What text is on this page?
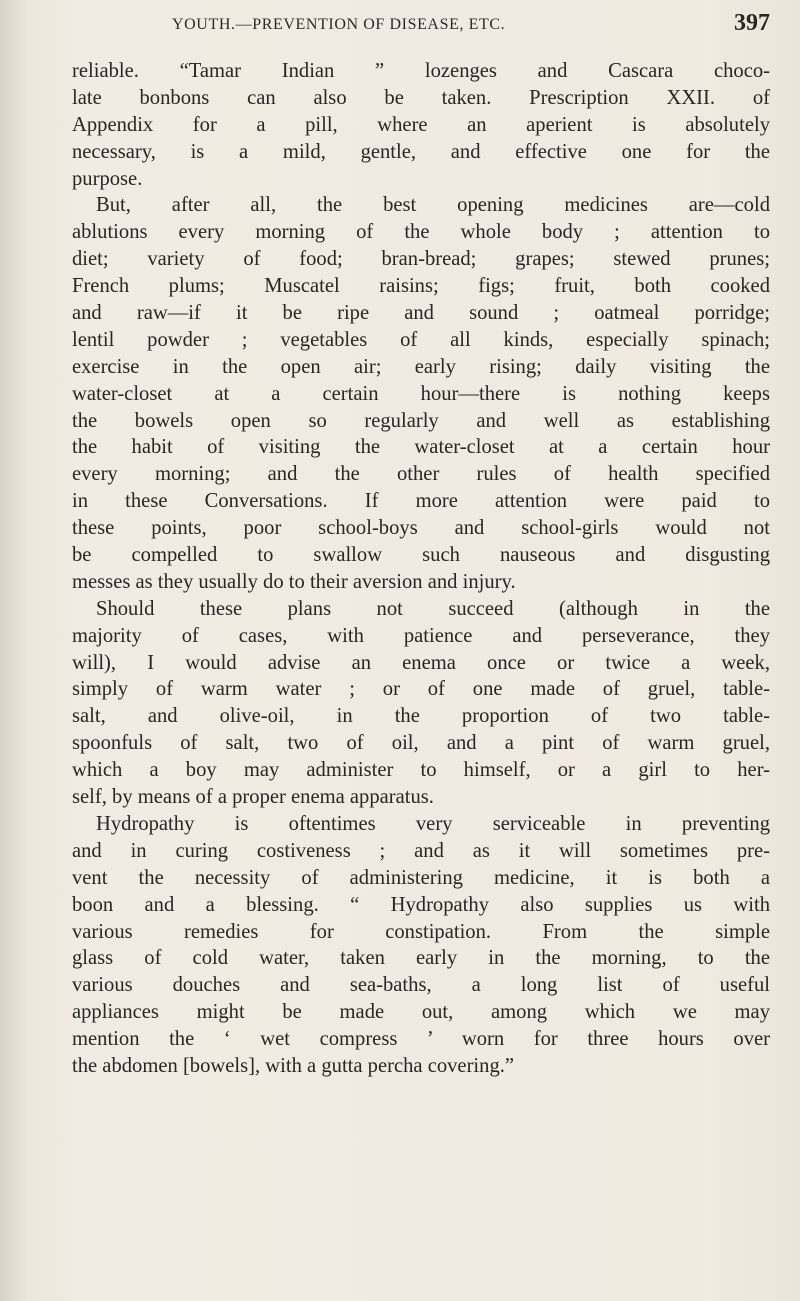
YOUTH.—PREVENTION OF DISEASE, ETC.	397
reliable. “Tamar Indian ” lozenges and Cascara choco-
late bonbons can also be taken. Prescription XXII. of
Appendix for a pill, where an aperient is absolutely
necessary, is a mild, gentle, and effective one for the
purpose.
But, after all, the best opening medicines are—cold
ablutions every morning of the whole body ; attention to
diet; variety of food; bran-bread; grapes; stewed prunes;
French plums; Muscatel raisins; figs; fruit, both cooked
and raw—if it be ripe and sound ; oatmeal porridge;
lentil powder ; vegetables of all kinds, especially spinach;
exercise in the open air; early rising; daily visiting the
water-closet at a certain hour—there is nothing keeps
the bowels open so regularly and well as establishing
the habit of visiting the water-closet at a certain hour
every morning; and the other rules of health specified
in these Conversations. If more attention were paid to
these points, poor school-boys and school-girls would not
be compelled to swallow such nauseous and disgusting
messes as they usually do to their aversion and injury.
Should these plans not succeed (although in the
majority of cases, with patience and perseverance, they
will), I would advise an enema once or twice a week,
simply of warm water ; or of one made of gruel, table-
salt, and olive-oil, in the proportion of two table-
spoonfuls of salt, two of oil, and a pint of warm gruel,
which a boy may administer to himself, or a girl to her-
self, by means of a proper enema apparatus.
Hydropathy is oftentimes very serviceable in preventing
and in curing costiveness ; and as it will sometimes pre-
vent the necessity of administering medicine, it is both a
boon and a blessing. “ Hydropathy also supplies us with
various remedies for constipation. From the simple
glass of cold water, taken early in the morning, to the
various douches and sea-baths, a long list of useful
appliances might be made out, among which we may
mention the ‘ wet compress ’ worn for three hours over
the abdomen [bowels], with a gutta percha covering.”
